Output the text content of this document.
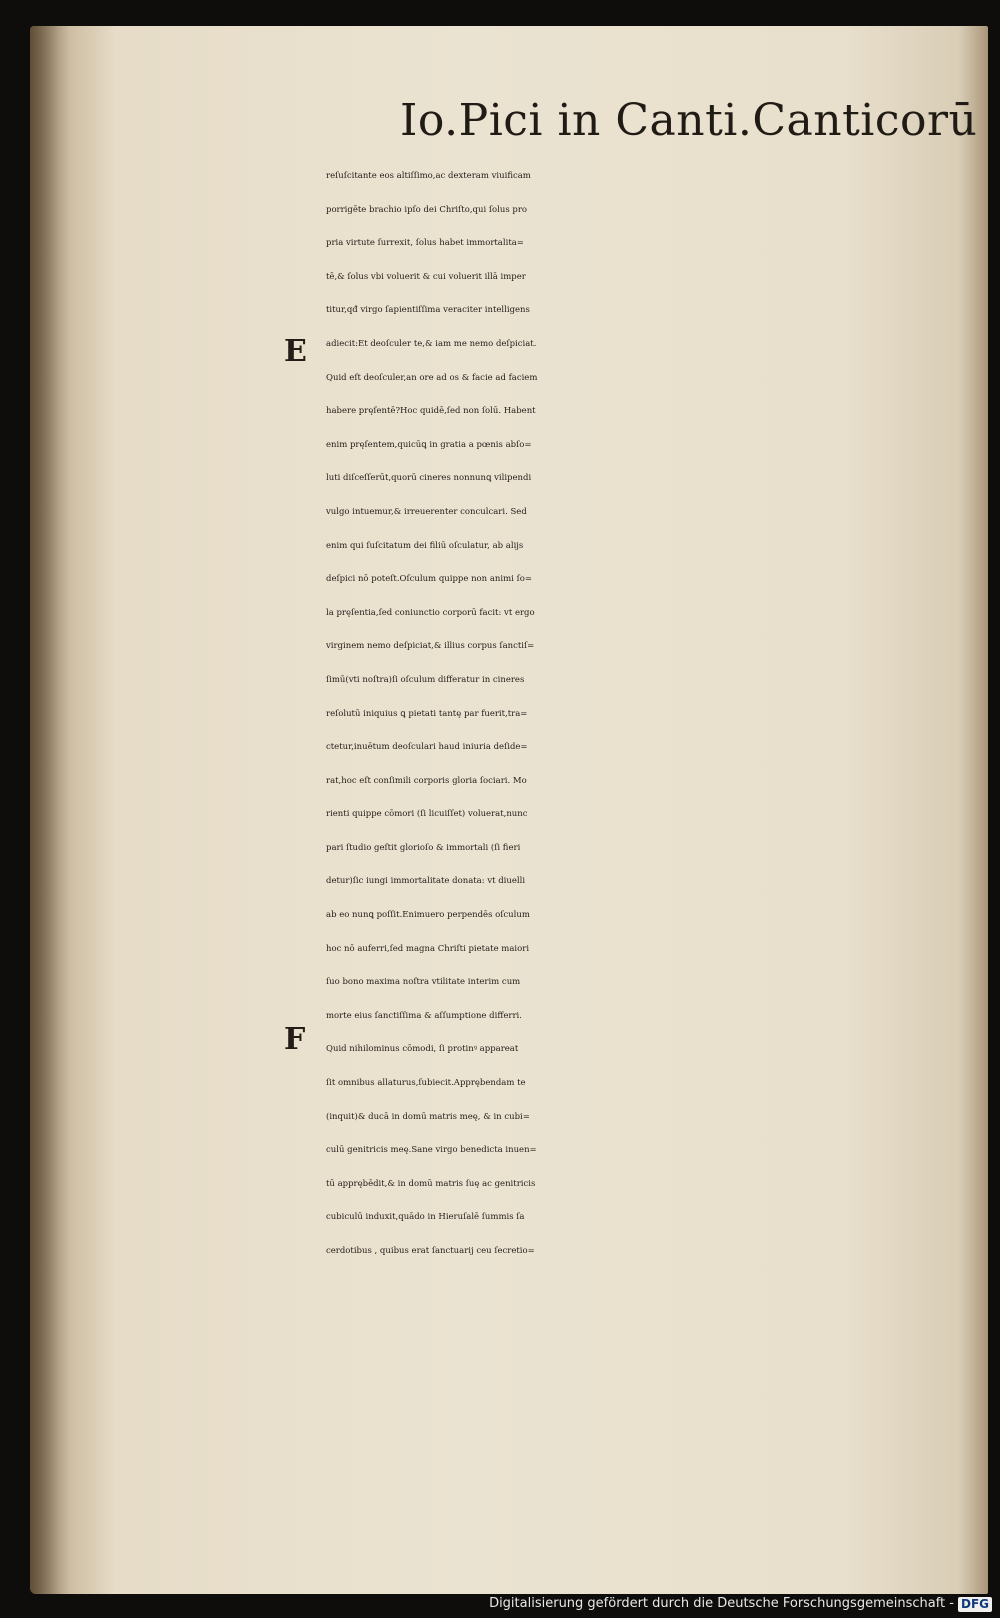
Io.Pici in Canti.Canticorū
E
F
reſuſcitante eos altiſſimo,ac dexteram viuificam
porrigēte brachio ipſo dei Chriſto,qui ſolus pro
pria virtute ſurrexit, ſolus habet immortalita=
tē,& ſolus vbi voluerit & cui voluerit illā imper
titur,qđ virgo ſapientiſſima veraciter intelligens
adiecit:Et deoſculer te,& iam me nemo deſpiciat.
Quid eſt deoſculer,an ore ad os & facie ad faciem
habere pręſentē?Hoc quidē,ſed non ſolū. Habent
enim pręſentem,quicūꝗ in gratia a pœnis abſo=
luti diſceſſerūt,quorū cineres nonnunꝗ vilipendi
vulgo intuemur,& irreuerenter conculcari. Sed
enim qui ſuſcitatum dei filiū oſculatur, ab alijs
deſpici nō poteſt.Oſculum quippe non animi ſo=
la pręſentia,ſed coniunctio corporū facit: vt ergo
virginem nemo deſpiciat,& illius corpus ſanctiſ=
ſimū(vti noſtra)ſi oſculum differatur in cineres
reſolutū iniquius ꝗ pietati tantę par fuerit,tra=
ctetur,inuētum deoſculari haud iniuria deſide=
rat,hoc eſt conſimili corporis gloria ſociari. Mo
rienti quippe cōmori (ſi licuiſſet) voluerat,nunc
pari ſtudio geſtit glorioſo & immortali (ſi fieri
detur)ſic iungi immortalitate donata: vt diuelli
ab eo nunꝗ poſſit.Enimuero perpendēs oſculum
hoc nō auferri,ſed magna Chriſti pietate maiori
ſuo bono maxima noſtra vtilitate interim cum
morte eius ſanctiſſima & aſſumptione differri.
Quid nihilominus cōmodi, ſi protinꝰ appareat
ſit omnibus allaturus,ſubiecit.Apprębendam te
(inquit)& ducā in domū matris meę, & in cubi=
culū genitricis meę.Sane virgo benedicta inuen=
tū apprębēdit,& in domū matris ſuę ac genitricis
cubiculū induxit,quādo in Hieruſalē ſummis ſa
cerdotibus , quibus erat ſanctuarij ceu ſecretio=
Digitalisierung gefördert durch die Deutsche Forschungsgemeinschaft - DFG
